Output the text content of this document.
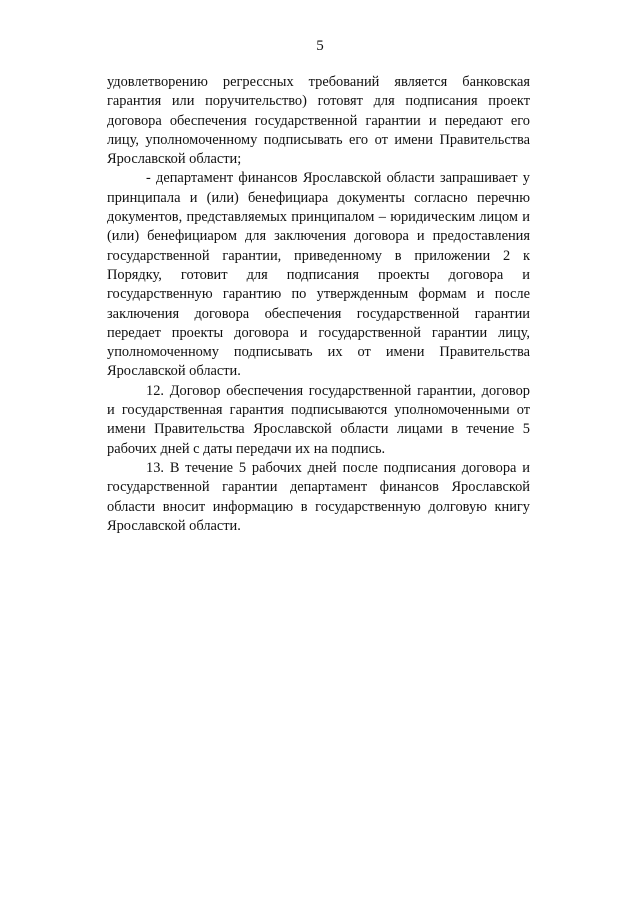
5

удовлетворению регрессных требований является банковская гарантия или поручительство) готовят для подписания проект договора обеспечения государственной гарантии и передают его лицу, уполномоченному подписывать его от имени Правительства Ярославской области;

- департамент финансов Ярославской области запрашивает у принципала и (или) бенефициара документы согласно перечню документов, представляемых принципалом – юридическим лицом и (или) бенефициаром для заключения договора и предоставления государственной гарантии, приведенному в приложении 2 к Порядку, готовит для подписания проекты договора и государственную гарантию по утвержденным формам и после заключения договора обеспечения государственной гарантии передает проекты договора и государственной гарантии лицу, уполномоченному подписывать их от имени Правительства Ярославской области.

12. Договор обеспечения государственной гарантии, договор и государственная гарантия подписываются уполномоченными от имени Правительства Ярославской области лицами в течение 5 рабочих дней с даты передачи их на подпись.

13. В течение 5 рабочих дней после подписания договора и государственной гарантии департамент финансов Ярославской области вносит информацию в государственную долговую книгу Ярославской области.
